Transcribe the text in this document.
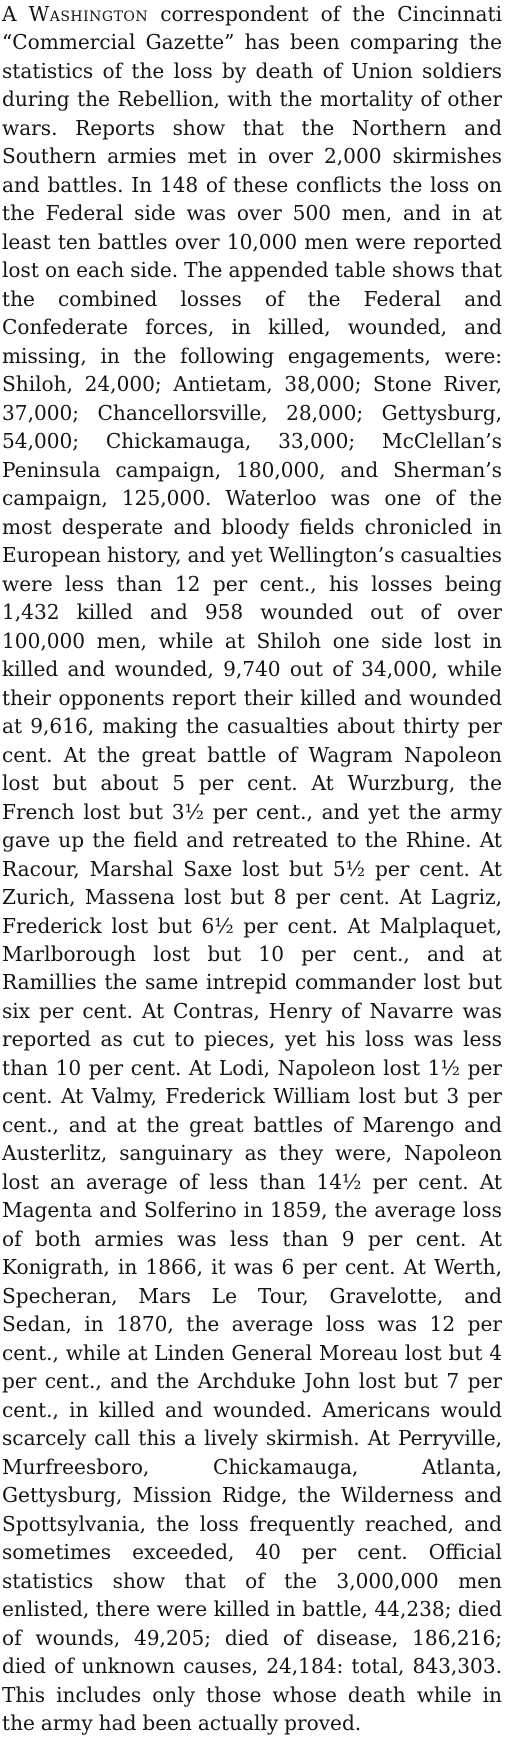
A Washington correspondent of the Cincinnati “Commercial Gazette” has been comparing the statistics of the loss by death of Union soldiers during the Rebellion, with the mortality of other wars. Reports show that the Northern and Southern armies met in over 2,000 skirmishes and battles. In 148 of these conflicts the loss on the Federal side was over 500 men, and in at least ten battles over 10,000 men were reported lost on each side. The appended table shows that the combined losses of the Federal and Confederate forces, in killed, wounded, and missing, in the following engagements, were: Shiloh, 24,000; Antietam, 38,000; Stone River, 37,000; Chancellorsville, 28,000; Gettysburg, 54,000; Chickamauga, 33,000; McClellan’s Peninsula campaign, 180,000, and Sherman’s campaign, 125,000. Waterloo was one of the most desperate and bloody fields chronicled in European history, and yet Wellington’s casualties were less than 12 per cent., his losses being 1,432 killed and 958 wounded out of over 100,000 men, while at Shiloh one side lost in killed and wounded, 9,740 out of 34,000, while their opponents report their killed and wounded at 9,616, making the casualties about thirty per cent. At the great battle of Wagram Napoleon lost but about 5 per cent. At Wurzburg, the French lost but 3½ per cent., and yet the army gave up the field and retreated to the Rhine. At Racour, Marshal Saxe lost but 5½ per cent. At Zurich, Massena lost but 8 per cent. At Lagriz, Frederick lost but 6½ per cent. At Malplaquet, Marlborough lost but 10 per cent., and at Ramillies the same intrepid commander lost but six per cent. At Contras, Henry of Navarre was reported as cut to pieces, yet his loss was less than 10 per cent. At Lodi, Napoleon lost 1½ per cent. At Valmy, Frederick William lost but 3 per cent., and at the great battles of Marengo and Austerlitz, sanguinary as they were, Napoleon lost an average of less than 14½ per cent. At Magenta and Solferino in 1859, the average loss of both armies was less than 9 per cent. At Konigrath, in 1866, it was 6 per cent. At Werth, Specheran, Mars Le Tour, Gravelotte, and Sedan, in 1870, the average loss was 12 per cent., while at Linden General Moreau lost but 4 per cent., and the Archduke John lost but 7 per cent., in killed and wounded. Americans would scarcely call this a lively skirmish. At Perryville, Murfreesboro, Chickamauga, Atlanta, Gettysburg, Mission Ridge, the Wilderness and Spottsylvania, the loss frequently reached, and sometimes exceeded, 40 per cent. Official statistics show that of the 3,000,000 men enlisted, there were killed in battle, 44,238; died of wounds, 49,205; died of disease, 186,216; died of unknown causes, 24,184: total, 843,303. This includes only those whose death while in the army had been actually proved.
